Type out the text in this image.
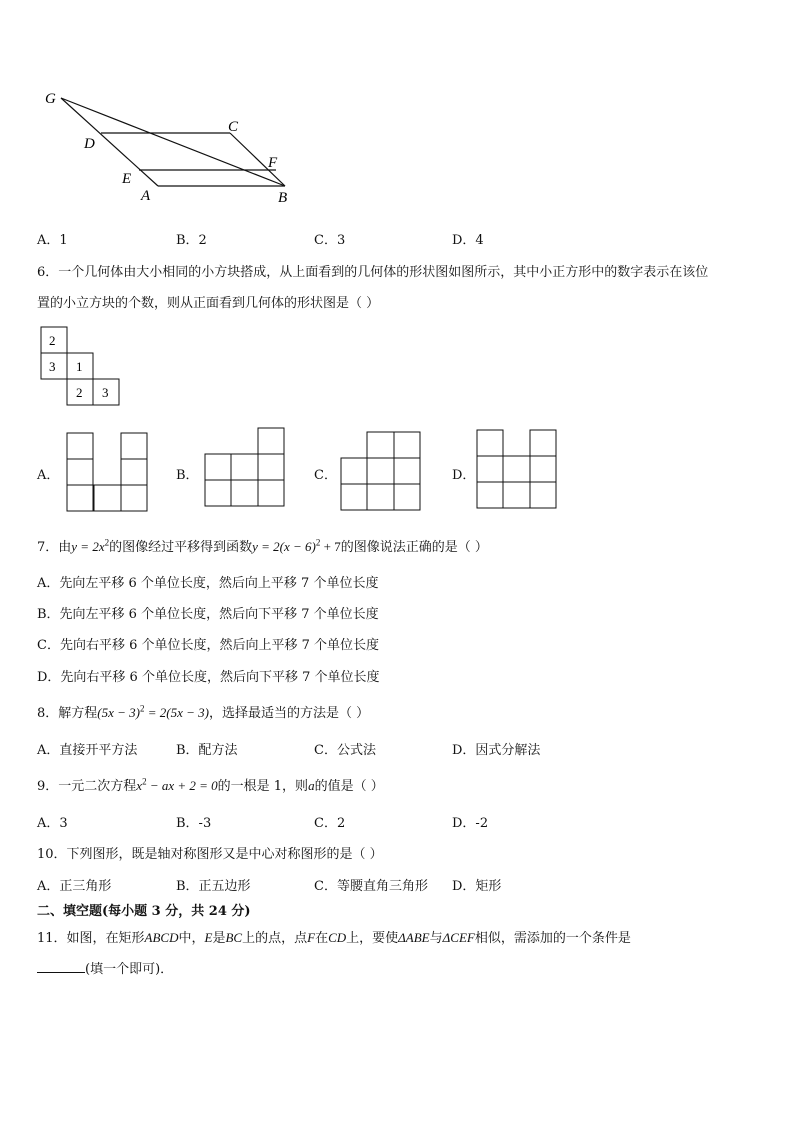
G
C
D
F
E
A	B
A．1	B．2	C．3	D．4
6．一个几何体由大小相同的小方块搭成，从上面看到的几何体的形状图如图所示，其中小正方形中的数字表示在该位
置的小立方块的个数，则从正面看到几何体的形状图是（ ）
2
3 1
2 3
A．	B．	C．	D．
7．由$y = 2x^2$的图像经过平移得到函数$y = 2(x - 6)^2 + 7$的图像说法正确的是（ ）
A．先向左平移 6 个单位长度，然后向上平移 7 个单位长度
B．先向左平移 6 个单位长度，然后向下平移 7 个单位长度
C．先向右平移 6 个单位长度，然后向上平移 7 个单位长度
D．先向右平移 6 个单位长度，然后向下平移 7 个单位长度
8．解方程$(5x - 3)^2 = 2(5x - 3)$，选择最适当的方法是（ ）
A．直接开平方法	B．配方法	C．公式法	D．因式分解法
9．一元二次方程$x^2$ − ax + 2 = 0的一根是 1，则a的值是（ ）
A．3	B．-3	C．2	D．-2
10．下列图形，既是轴对称图形又是中心对称图形的是（ ）
A．正三角形	B．正五边形	C．等腰直角三角形 D．矩形
二、填空题(每小题 3 分，共 24 分)
11．如图，在矩形ABCD中，E是BC上的点，点F在CD上，要使ΔABE与ΔCEF相似，需添加的一个条件是
(填一个即可)．
